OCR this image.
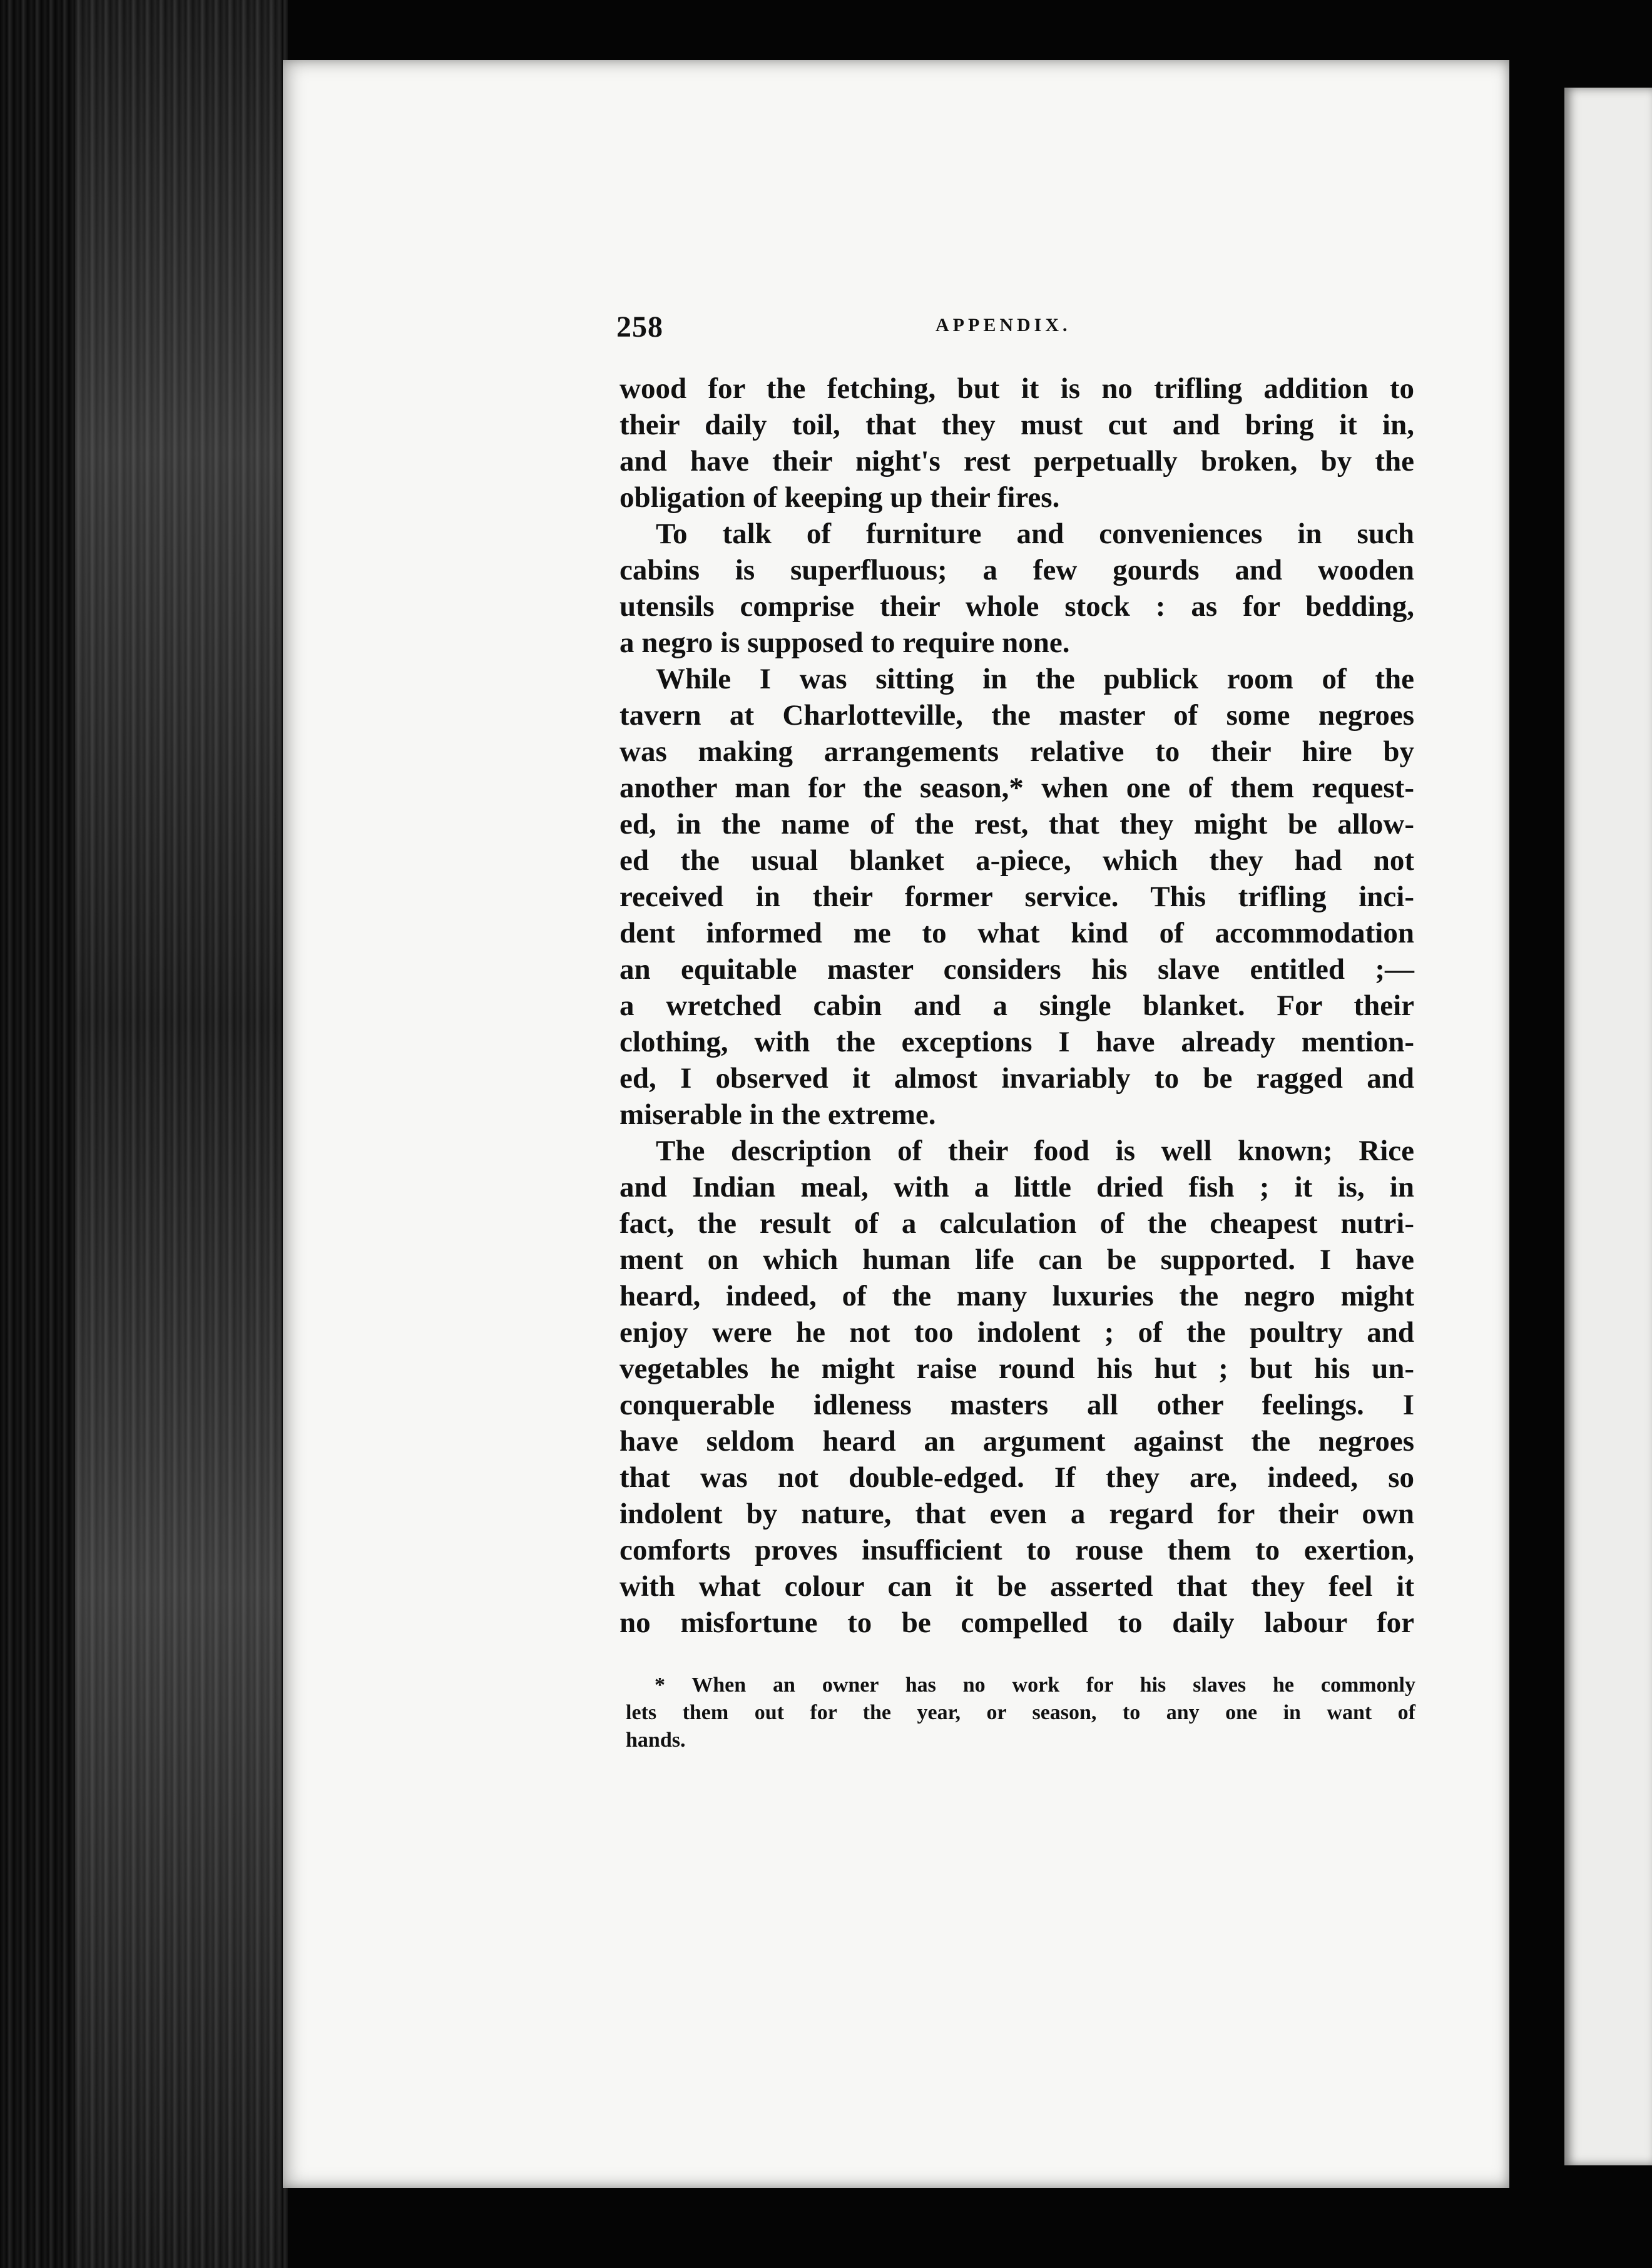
258	APPENDIX.
wood for the fetching, but it is no trifling addition to
their daily toil, that they must cut and bring it in,
and have their night's rest perpetually broken, by the
obligation of keeping up their fires.
To talk of furniture and conveniences in such
cabins is superfluous; a few gourds and wooden
utensils comprise their whole stock : as for bedding,
a negro is supposed to require none.
While I was sitting in the publick room of the
tavern at Charlotteville, the master of some negroes
was making arrangements relative to their hire by
another man for the season,* when one of them request-
ed, in the name of the rest, that they might be allow-
ed the usual blanket a-piece, which they had not
received in their former service. This trifling inci-
dent informed me to what kind of accommodation
an equitable master considers his slave entitled ;—
a wretched cabin and a single blanket. For their
clothing, with the exceptions I have already mention-
ed, I observed it almost invariably to be ragged and
miserable in the extreme.
The description of their food is well known; Rice
and Indian meal, with a little dried fish ; it is, in
fact, the result of a calculation of the cheapest nutri-
ment on which human life can be supported. I have
heard, indeed, of the many luxuries the negro might
enjoy were he not too indolent ; of the poultry and
vegetables he might raise round his hut ; but his un-
conquerable idleness masters all other feelings. I
have seldom heard an argument against the negroes
that was not double-edged. If they are, indeed, so
indolent by nature, that even a regard for their own
comforts proves insufficient to rouse them to exertion,
with what colour can it be asserted that they feel it
no misfortune to be compelled to daily labour for
* When an owner has no work for his slaves he commonly
lets them out for the year, or season, to any one in want of
hands.
